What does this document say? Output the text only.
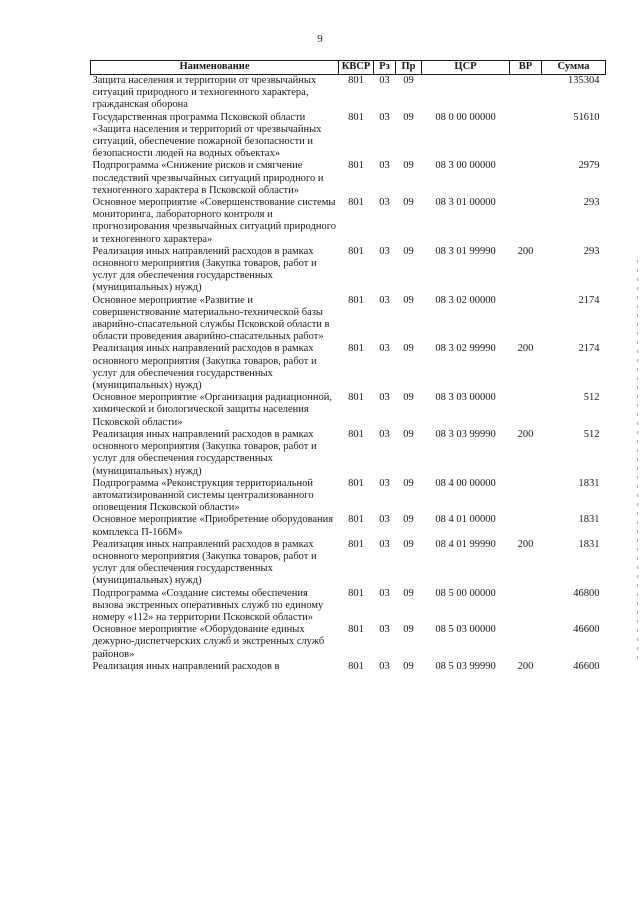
9
Наименование	КВСР	Рз	Пр	ЦСР	ВР	Сумма
Защита населения и территории от чрезвычайных ситуаций природного и техногенного характера, гражданская оборона	801	03	09			135304
Государственная программа Псковской области «Защита населения и территорий от чрезвычайных ситуаций, обеспечение пожарной безопасности и безопасности людей на водных объектах»	801	03	09	08 0 00 00000		51610
Подпрограмма «Снижение рисков и смягчение последствий чрезвычайных ситуаций природного и техногенного характера в Псковской области»	801	03	09	08 3 00 00000		2979
Основное мероприятие «Совершенствование системы мониторинга, лабораторного контроля и прогнозирования чрезвычайных ситуаций природного и техногенного характера»	801	03	09	08 3 01 00000		293
Реализация иных направлений расходов в рамках основного мероприятия (Закупка товаров, работ и услуг для обеспечения государственных (муниципальных) нужд)	801	03	09	08 3 01 99990	200	293
Основное мероприятие «Развитие и совершенствование материально-технической базы аварийно-спасательной службы Псковской области в области проведения аварийно-спасательных работ»	801	03	09	08 3 02 00000		2174
Реализация иных направлений расходов в рамках основного мероприятия (Закупка товаров, работ и услуг для обеспечения государственных (муниципальных) нужд)	801	03	09	08 3 02 99990	200	2174
Основное мероприятие «Организация радиационной, химической и биологической защиты населения Псковской области»	801	03	09	08 3 03 00000		512
Реализация иных направлений расходов в рамках основного мероприятия (Закупка товаров, работ и услуг для обеспечения государственных (муниципальных) нужд)	801	03	09	08 3 03 99990	200	512
Подпрограмма «Реконструкция территориальной автоматизированной системы централизованного оповещения Псковской области»	801	03	09	08 4 00 00000		1831
Основное мероприятие «Приобретение оборудования комплекса П-166М»	801	03	09	08 4 01 00000		1831
Реализация иных направлений расходов в рамках основного мероприятия (Закупка товаров, работ и услуг для обеспечения государственных (муниципальных) нужд)	801	03	09	08 4 01 99990	200	1831
Подпрограмма «Создание системы обеспечения вызова экстренных оперативных служб по единому номеру «112» на территории Псковской области»	801	03	09	08 5 00 00000		46800
Основное мероприятие «Оборудование единых дежурно-диспетчерских служб и экстренных служб районов»	801	03	09	08 5 03 00000		46600
Реализация иных направлений расходов в	801	03	09	08 5 03 99990	200	46600
